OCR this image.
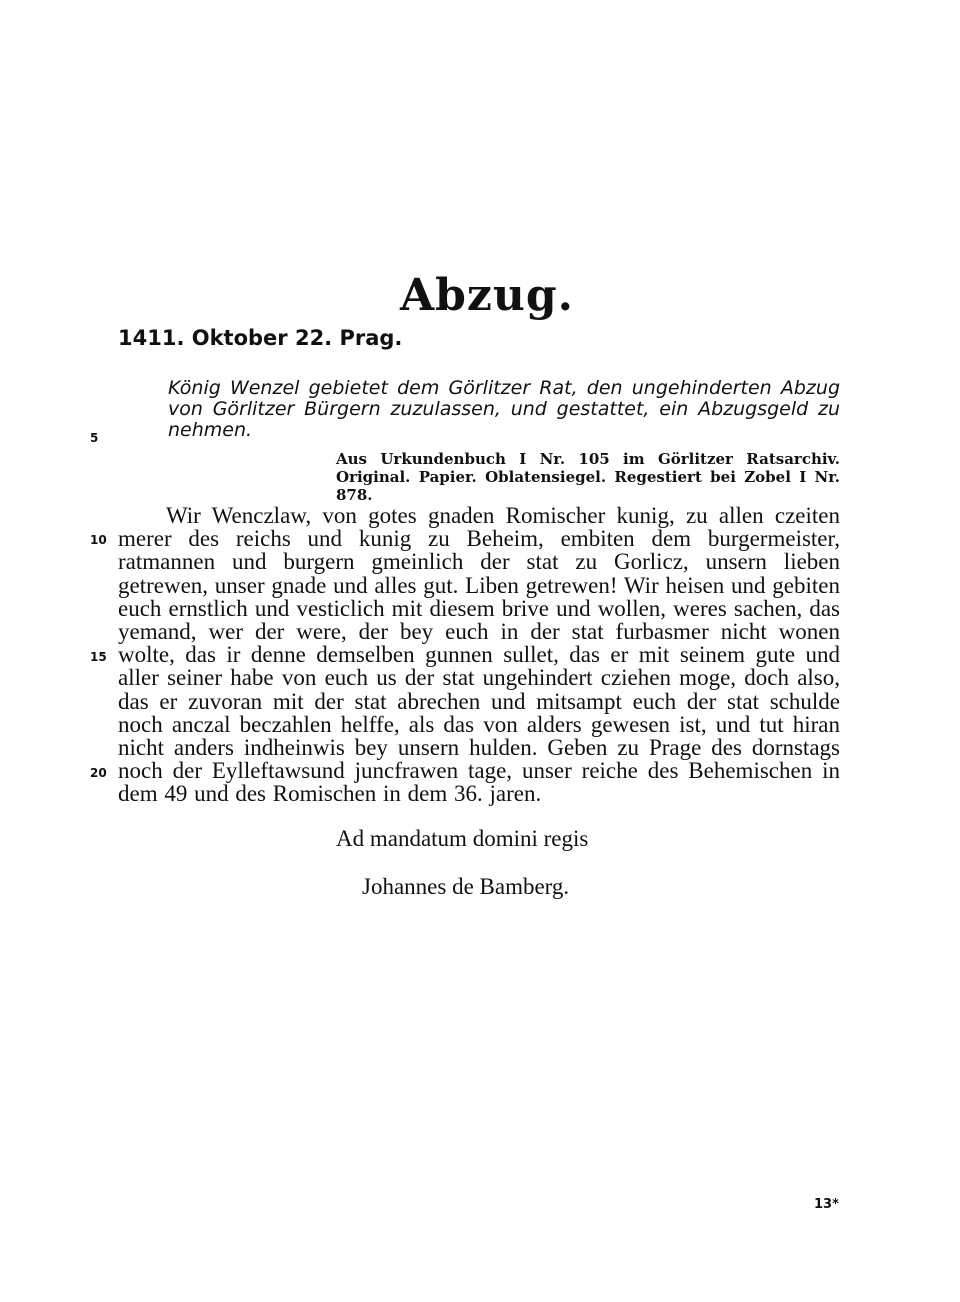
Abzug.
1411. Oktober 22. Prag.
5
10
15
20
König Wenzel gebietet dem Görlitzer Rat, den ungehinderten Abzug von Görlitzer Bürgern zuzulassen, und gestattet, ein Abzugsgeld zu nehmen.
Aus Urkundenbuch I Nr. 105 im Görlitzer Ratsarchiv. Original. Papier. Oblatensiegel. Regestiert bei Zobel I Nr. 878.
Wir Wenczlaw, von gotes gnaden Romischer kunig, zu allen czeiten merer des reichs und kunig zu Beheim, embiten dem burgermeister, ratmannen und burgern gmeinlich der stat zu Gorlicz, unsern lieben getrewen, unser gnade und alles gut. Liben getrewen! Wir heisen und gebiten euch ernstlich und vesticlich mit diesem brive und wollen, weres sachen, das yemand, wer der were, der bey euch in der stat furbasmer nicht wonen wolte, das ir denne demselben gunnen sullet, das er mit seinem gute und aller seiner habe von euch us der stat ungehindert cziehen moge, doch also, das er zuvoran mit der stat abrechen und mitsampt euch der stat schulde noch anczal beczahlen helffe, als das von alders gewesen ist, und tut hiran nicht anders indheinwis bey unsern hulden. Geben zu Prage des dornstags noch der Eylleftawsund juncfrawen tage, unser reiche des Behemischen in dem 49 und des Romischen in dem 36. jaren.
Ad mandatum domini regis
Johannes de Bamberg.
13*
